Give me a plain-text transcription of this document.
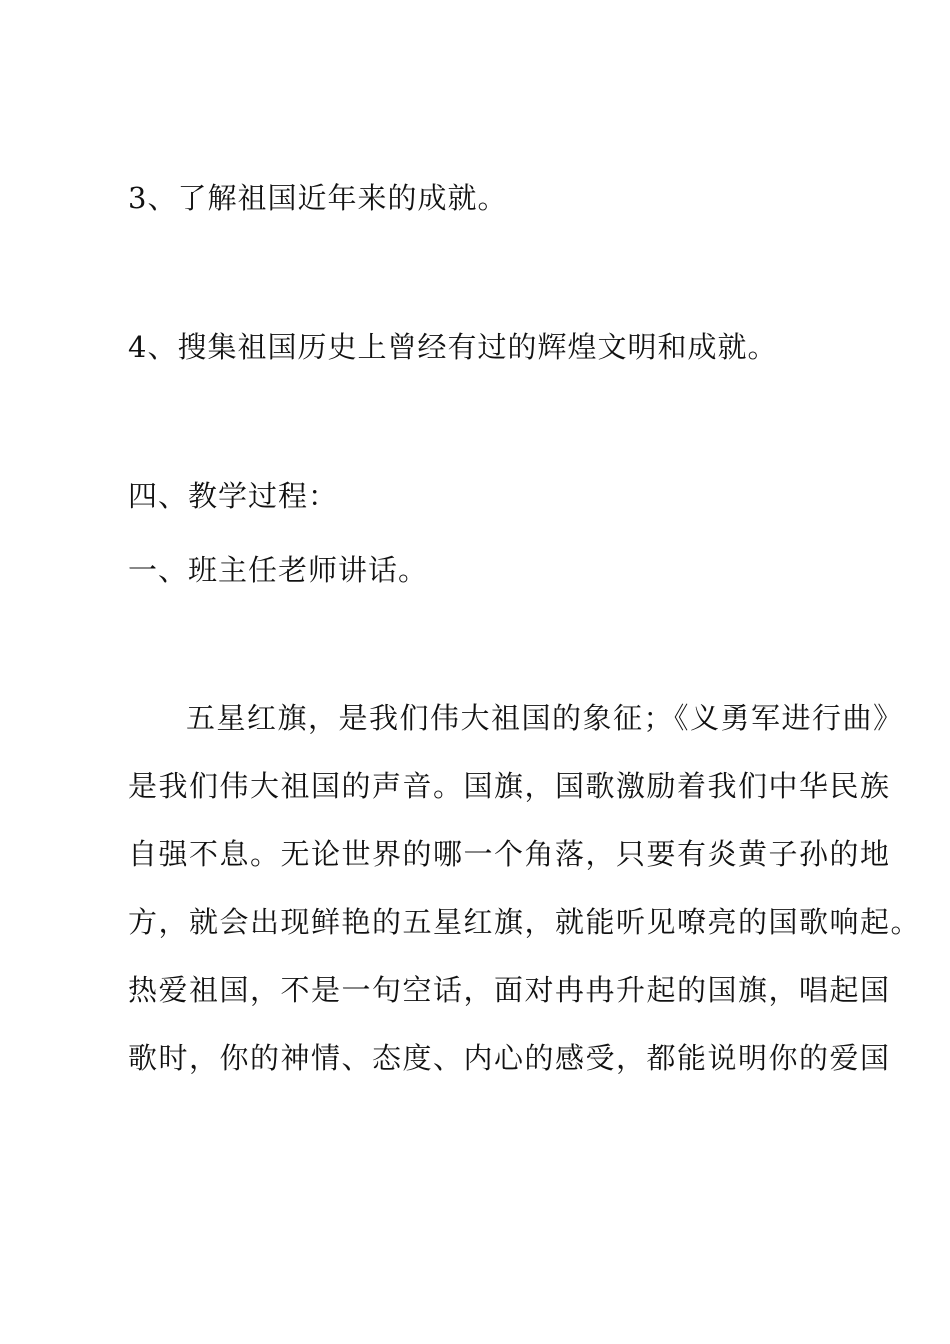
3、了解祖国近年来的成就。
4、搜集祖国历史上曾经有过的辉煌文明和成就。
四、教学过程：
一、班主任老师讲话。
五星红旗，是我们伟大祖国的象征；《义勇军进行曲》
是我们伟大祖国的声音。国旗，国歌激励着我们中华民族
自强不息。无论世界的哪一个角落，只要有炎黄子孙的地
方，就会出现鲜艳的五星红旗，就能听见嘹亮的国歌响起。
热爱祖国，不是一句空话，面对冉冉升起的国旗，唱起国
歌时，你的神情、态度、内心的感受，都能说明你的爱国
